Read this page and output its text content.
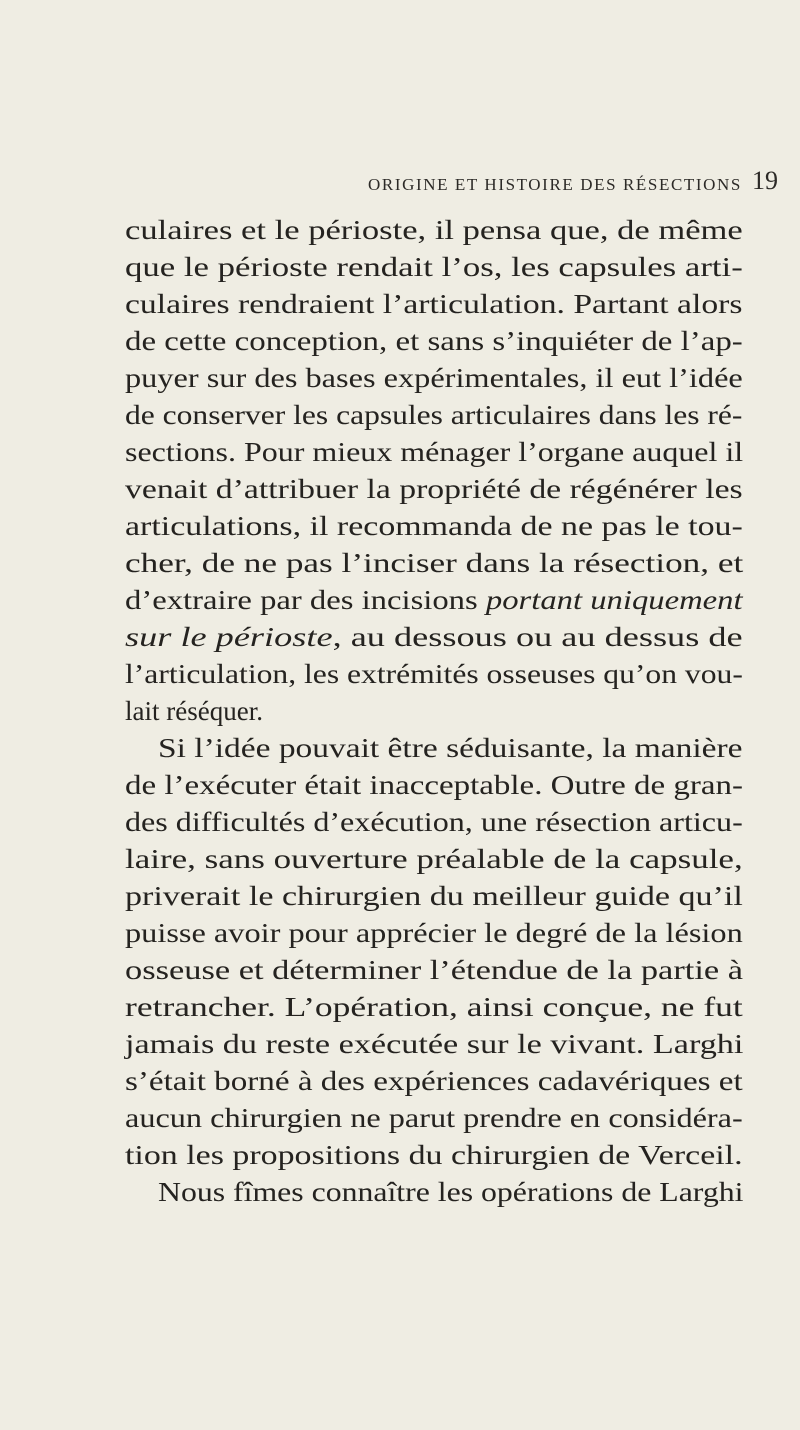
ORIGINE ET HISTOIRE DES RÉSECTIONS 19
culaires et le périoste, il pensa que, de même
que le périoste rendait l’os, les capsules arti-
culaires rendraient l’articulation. Partant alors
de cette conception, et sans s’inquiéter de l’ap-
puyer sur des bases expérimentales, il eut l’idée
de conserver les capsules articulaires dans les ré-
sections. Pour mieux ménager l’organe auquel il
venait d’attribuer la propriété de régénérer les
articulations, il recommanda de ne pas le tou-
cher, de ne pas l’inciser dans la résection, et
d’extraire par des incisions portant uniquement
sur le périoste, au dessous ou au dessus de
l’articulation, les extrémités osseuses qu’on vou-
lait réséquer.
Si l’idée pouvait être séduisante, la manière
de l’exécuter était inacceptable. Outre de gran-
des difficultés d’exécution, une résection articu-
laire, sans ouverture préalable de la capsule,
priverait le chirurgien du meilleur guide qu’il
puisse avoir pour apprécier le degré de la lésion
osseuse et déterminer l’étendue de la partie à
retrancher. L’opération, ainsi conçue, ne fut
jamais du reste exécutée sur le vivant. Larghi
s’était borné à des expériences cadavériques et
aucun chirurgien ne parut prendre en considéra-
tion les propositions du chirurgien de Verceil.
Nous fîmes connaître les opérations de Larghi
